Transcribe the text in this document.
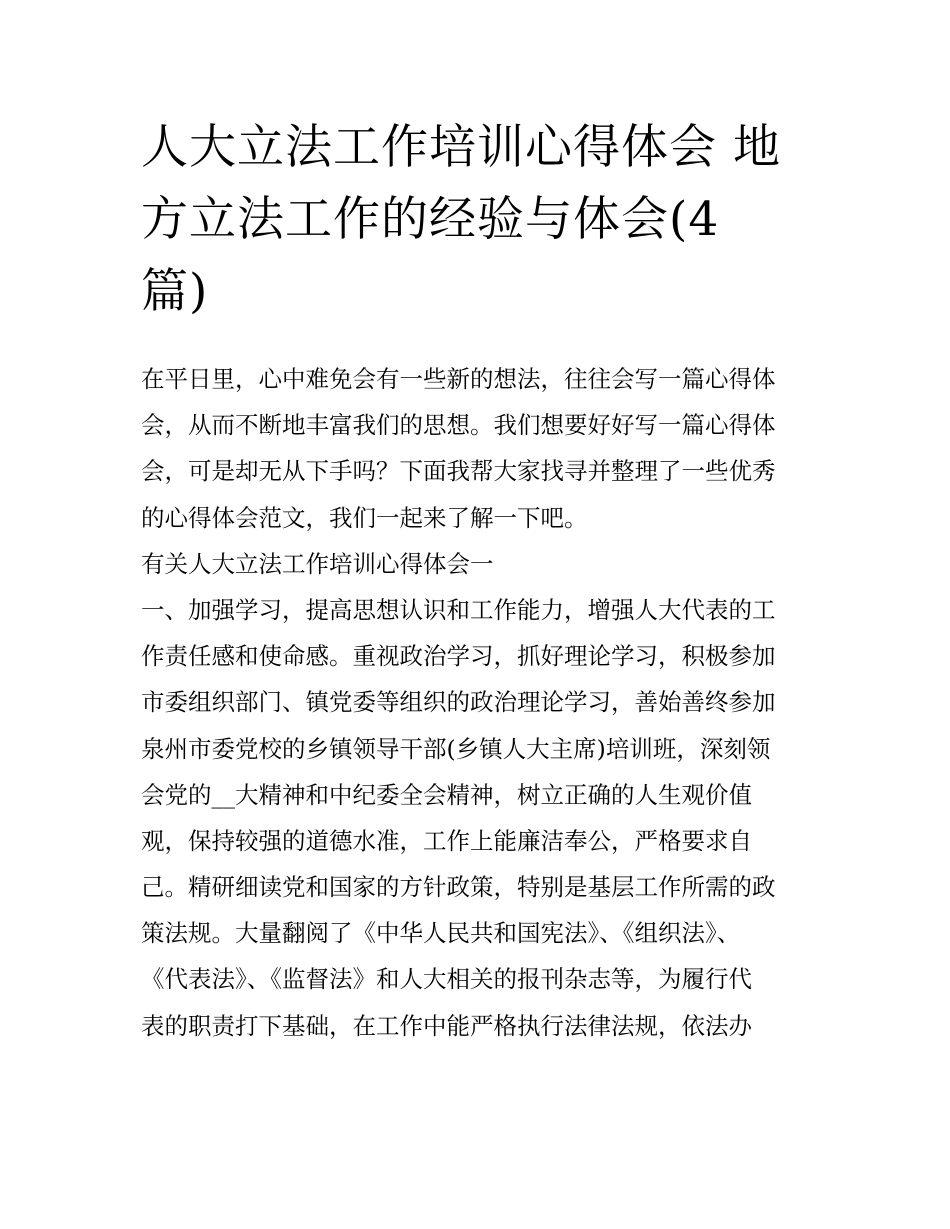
人大立法工作培训心得体会 地
方立法工作的经验与体会(4
篇)
在平日里，心中难免会有一些新的想法，往往会写一篇心得体
会，从而不断地丰富我们的思想。我们想要好好写一篇心得体
会，可是却无从下手吗？下面我帮大家找寻并整理了一些优秀
的心得体会范文，我们一起来了解一下吧。
有关人大立法工作培训心得体会一
一、加强学习，提高思想认识和工作能力，增强人大代表的工
作责任感和使命感。重视政治学习，抓好理论学习，积极参加
市委组织部门、镇党委等组织的政治理论学习，善始善终参加
泉州市委党校的乡镇领导干部(乡镇人大主席)培训班，深刻领
会党的__大精神和中纪委全会精神，树立正确的人生观价值
观，保持较强的道德水准，工作上能廉洁奉公，严格要求自
己。精研细读党和国家的方针政策，特别是基层工作所需的政
策法规。大量翻阅了《中华人民共和国宪法》、《组织法》、
《代表法》、《监督法》和人大相关的报刊杂志等，为履行代
表的职责打下基础，在工作中能严格执行法律法规，依法办
